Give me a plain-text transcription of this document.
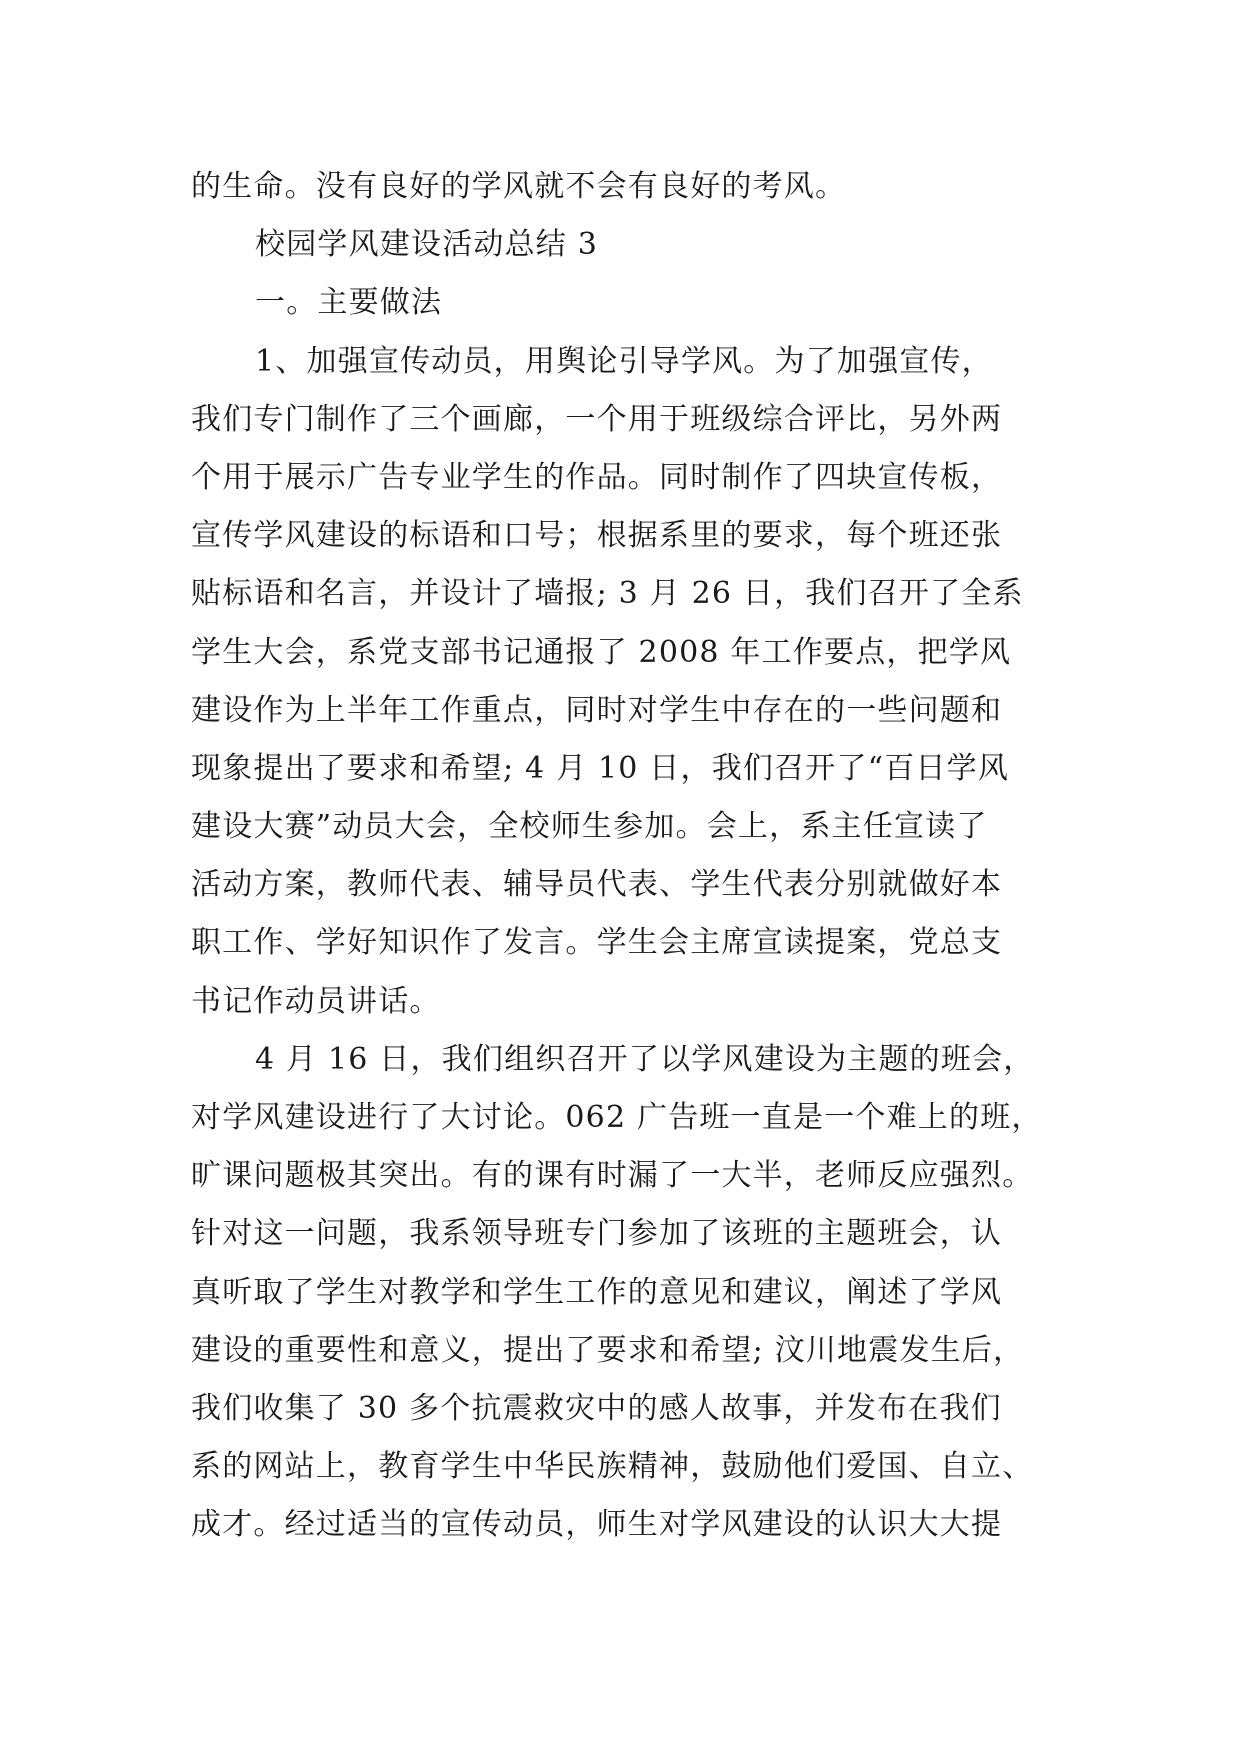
的生命。没有良好的学风就不会有良好的考风。
校园学风建设活动总结 3
一。主要做法
1、加强宣传动员，用舆论引导学风。为了加强宣传，
我们专门制作了三个画廊，一个用于班级综合评比，另外两
个用于展示广告专业学生的作品。同时制作了四块宣传板，
宣传学风建设的标语和口号；根据系里的要求，每个班还张
贴标语和名言，并设计了墙报; 3 月 26 日，我们召开了全系
学生大会，系党支部书记通报了 2008 年工作要点，把学风
建设作为上半年工作重点，同时对学生中存在的一些问题和
现象提出了要求和希望; 4 月 10 日，我们召开了“百日学风
建设大赛”动员大会，全校师生参加。会上，系主任宣读了
活动方案，教师代表、辅导员代表、学生代表分别就做好本
职工作、学好知识作了发言。学生会主席宣读提案，党总支
书记作动员讲话。
4 月 16 日，我们组织召开了以学风建设为主题的班会，
对学风建设进行了大讨论。062 广告班一直是一个难上的班，
旷课问题极其突出。有的课有时漏了一大半，老师反应强烈。
针对这一问题，我系领导班专门参加了该班的主题班会，认
真听取了学生对教学和学生工作的意见和建议，阐述了学风
建设的重要性和意义，提出了要求和希望; 汶川地震发生后，
我们收集了 30 多个抗震救灾中的感人故事，并发布在我们
系的网站上，教育学生中华民族精神，鼓励他们爱国、自立、
成才。经过适当的宣传动员，师生对学风建设的认识大大提
